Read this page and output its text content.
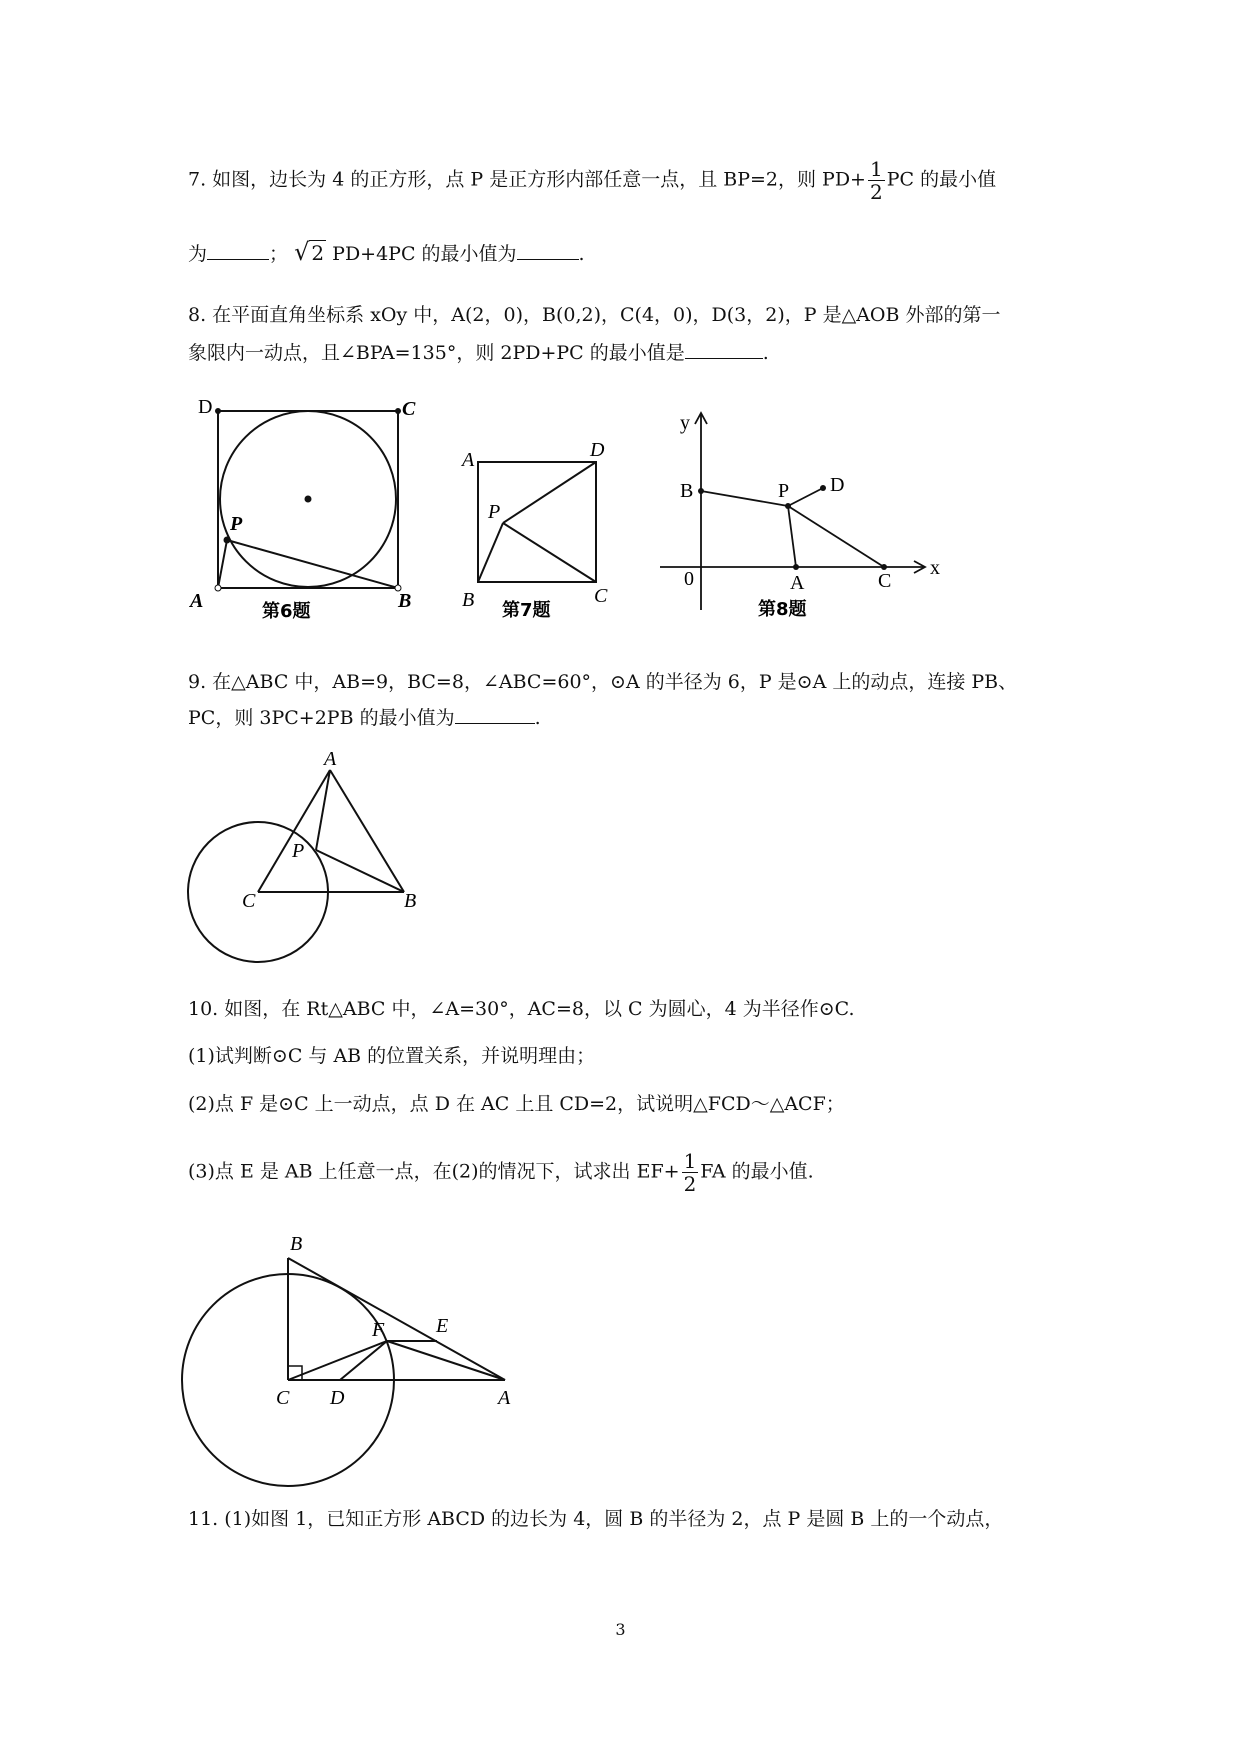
7. 如图，边长为 4 的正方形，点 P 是正方形内部任意一点，且 BP=2，则 $PD+ \frac{1}{2}$ PC 的最小值
为	； √ 2 PD+4PC 的最小值为	.
8. 在平面直角坐标系 xOy 中，A(2，0)，B(0,2)，C(4，0)，D(3，2)，P 是△AOB 外部的第一
象限内一动点，且∠BPA=135°，则 2PD+PC 的最小值是	.
D	C
P
A	B
第6题
A	D
P
B	C
第7题
y
B	P D
0	A	C
x
第8题
9. 在△ABC 中，AB=9，BC=8，∠ABC=60°，⊙A 的半径为 6，P 是⊙A 上的动点，连接 PB、
PC，则 3PC+2PB 的最小值为	.
A
P
C	B
10. 如图，在 Rt△ABC 中，∠A=30°，AC=8，以 C 为圆心，4 为半径作⊙C.
(1)试判断⊙C 与 AB 的位置关系，并说明理由；
(2)点 F 是⊙C 上一动点，点 D 在 AC 上且 CD=2，试说明△FCD～△ACF；
(3)点 E 是 AB 上任意一点，在(2)的情况下，试求出 $EF+ \frac{1}{2}$ FA 的最小值.
B
E
F
C D	A
11. (1)如图 1，已知正方形 ABCD 的边长为 4，圆 B 的半径为 2，点 P 是圆 B 上的一个动点，
3
